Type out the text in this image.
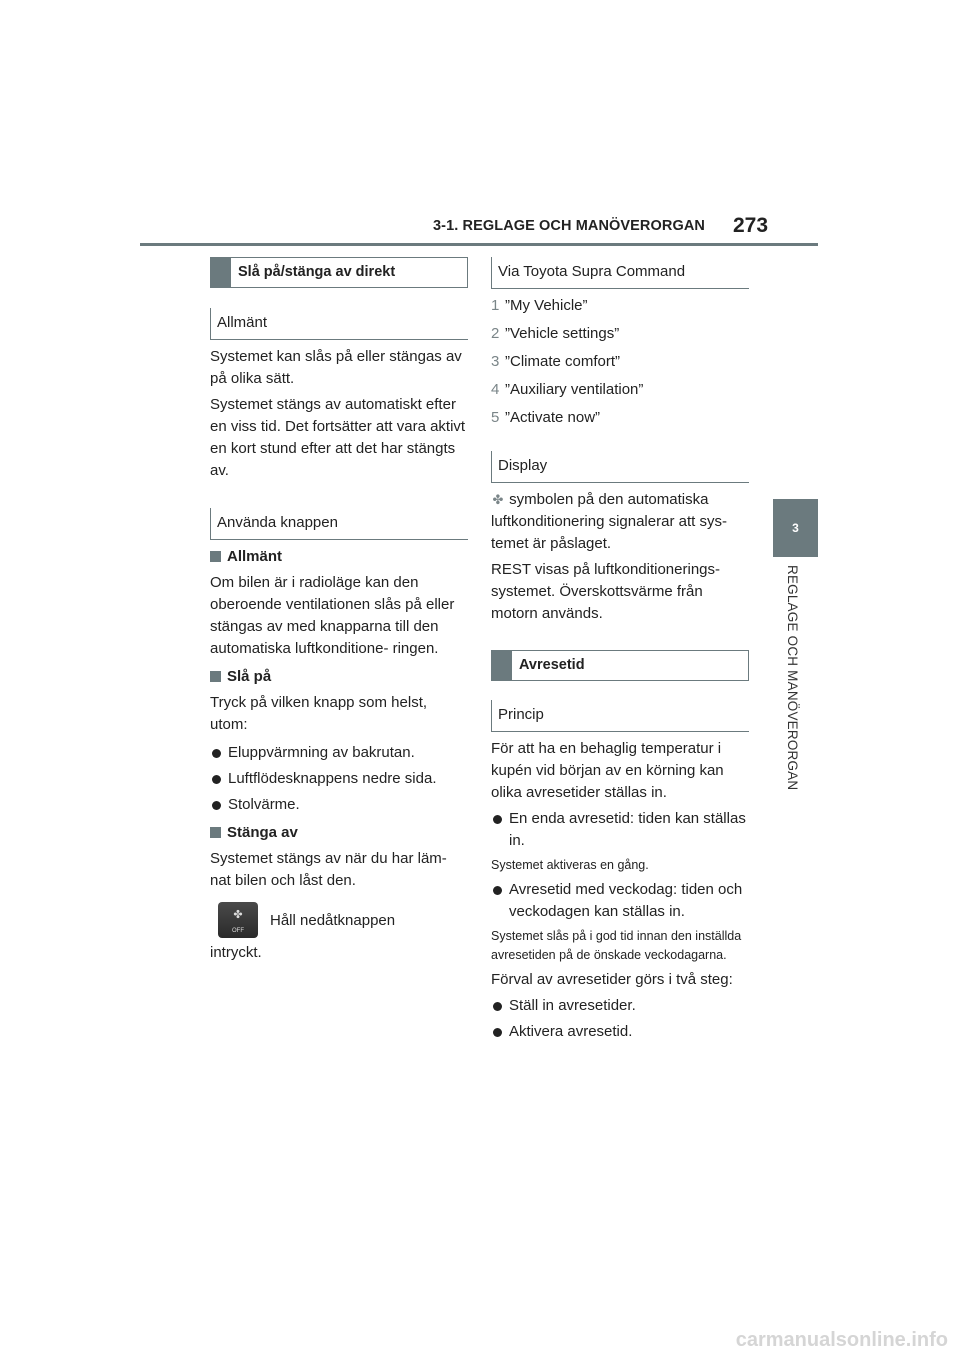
3-1. REGLAGE OCH MANÖVERORGAN 273
3
REGLAGE OCH MANÖVERORGAN
Slå på/stänga av direkt
Allmänt

Systemet kan slås på eller stängas av på olika sätt.

Systemet stängs av automatiskt efter en viss tid. Det fortsätter att vara aktivt en kort stund efter att det har stängts av.

Använda knappen
Allmänt

Om bilen är i radioläge kan den oberoende ventilationen slås på eller stängas av med knapparna till den automatiska luftkonditione- ringen.

Slå på

Tryck på vilken knapp som helst, utom:

Eluppvärmning av bakrutan.
Luftflödesknappens nedre sida.
Stolvärme.
Stänga av

Systemet stängs av när du har läm- nat bilen och låst den.

✤
OFF

Håll nedåtknappen

intryckt.

Via Toyota Supra Command
1 ”My Vehicle”
2 ”Vehicle settings”
3 ”Climate comfort”
4 ”Auxiliary ventilation”
5 ”Activate now”
Display

✤ symbolen på den automatiska luftkonditionering signalerar att sys- temet är påslaget.

REST visas på luftkonditionerings- systemet. Överskottsvärme från motorn används.

Avresetid
Princip

För att ha en behaglig temperatur i kupén vid början av en körning kan olika avresetider ställas in.

En enda avresetid: tiden kan ställas in.

Systemet aktiveras en gång.

Avresetid med veckodag: tiden och veckodagen kan ställas in.

Systemet slås på i god tid innan den inställda avresetiden på de önskade veckodagarna.

Förval av avresetider görs i två steg:

Ställ in avresetider.
Aktivera avresetid.
carmanualsonline.info
